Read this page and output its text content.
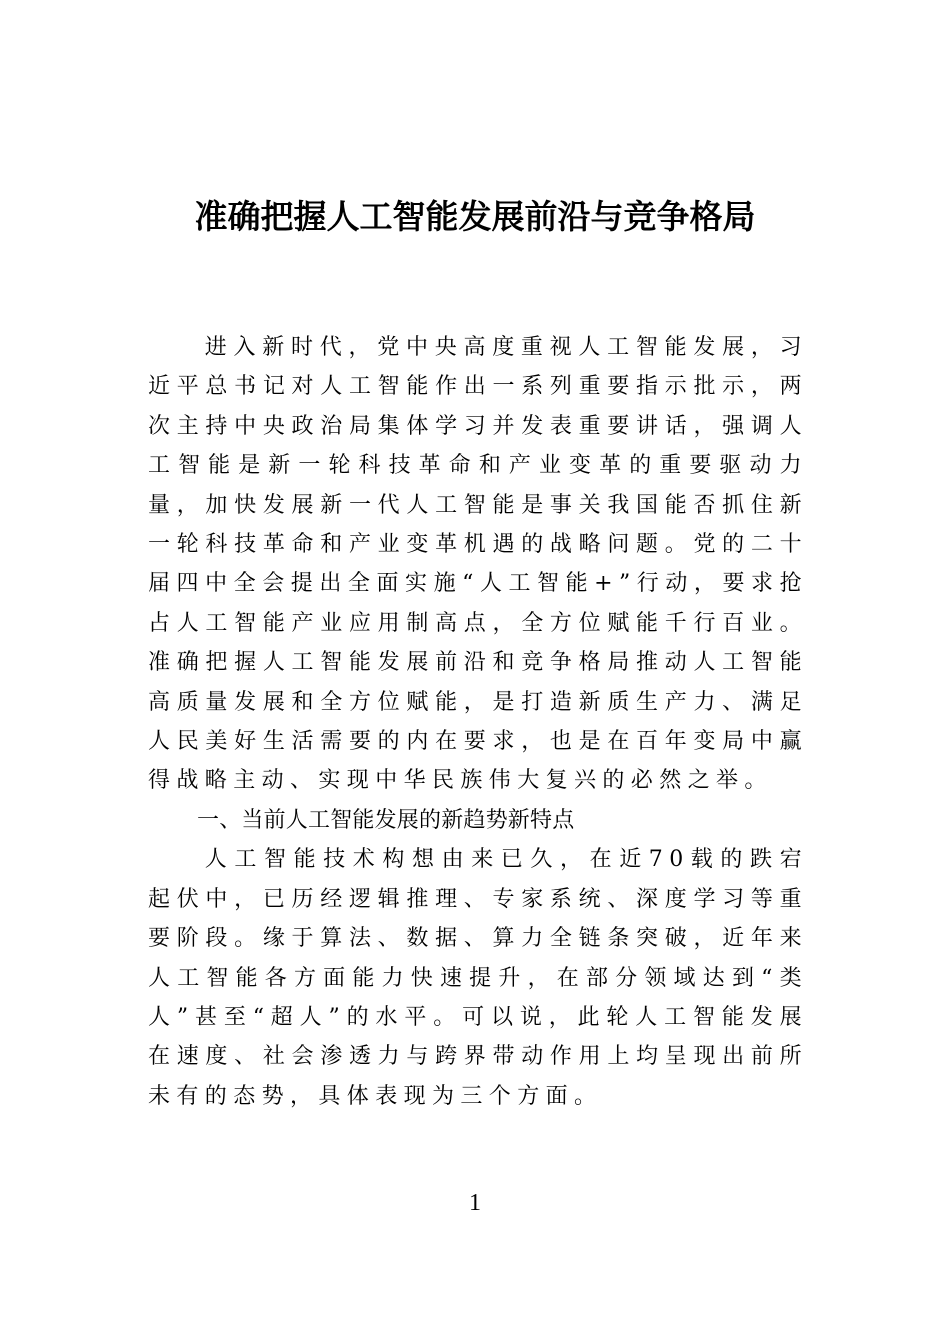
准确把握人工智能发展前沿与竞争格局

进入新时代，党中央高度重视人工智能发展，习近平总书记对人工智能作出一系列重要指示批示，两次主持中央政治局集体学习并发表重要讲话，强调人工智能是新一轮科技革命和产业变革的重要驱动力量，加快发展新一代人工智能是事关我国能否抓住新一轮科技革命和产业变革机遇的战略问题。党的二十届四中全会提出全面实施“人工智能+”行动，要求抢占人工智能产业应用制高点，全方位赋能千行百业。准确把握人工智能发展前沿和竞争格局推动人工智能高质量发展和全方位赋能，是打造新质生产力、满足人民美好生活需要的内在要求，也是在百年变局中赢得战略主动、实现中华民族伟大复兴的必然之举。

一、当前人工智能发展的新趋势新特点

人工智能技术构想由来已久，在近70载的跌宕起伏中，已历经逻辑推理、专家系统、深度学习等重要阶段。缘于算法、数据、算力全链条突破，近年来人工智能各方面能力快速提升，在部分领域达到“类人”甚至“超人”的水平。可以说，此轮人工智能发展在速度、社会渗透力与跨界带动作用上均呈现出前所未有的态势，具体表现为三个方面。

1
